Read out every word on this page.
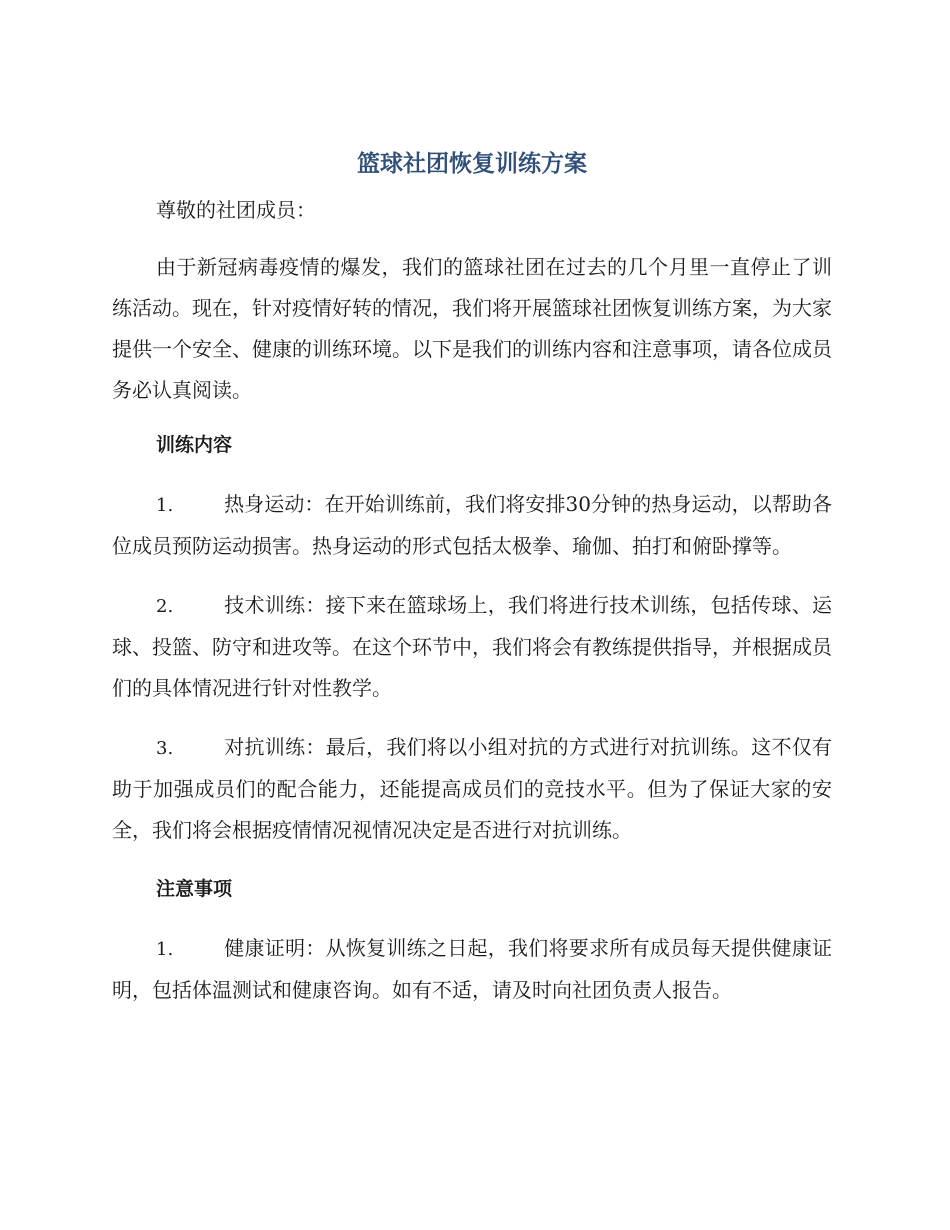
篮球社团恢复训练方案

尊敬的社团成员：

由于新冠病毒疫情的爆发，我们的篮球社团在过去的几个月里一直停止了训练活动。现在，针对疫情好转的情况，我们将开展篮球社团恢复训练方案，为大家提供一个安全、健康的训练环境。以下是我们的训练内容和注意事项，请各位成员务必认真阅读。

训练内容

1.	热身运动：在开始训练前，我们将安排30分钟的热身运动，以帮助各位成员预防运动损害。热身运动的形式包括太极拳、瑜伽、拍打和俯卧撑等。

2.	技术训练：接下来在篮球场上，我们将进行技术训练，包括传球、运球、投篮、防守和进攻等。在这个环节中，我们将会有教练提供指导，并根据成员们的具体情况进行针对性教学。

3.	对抗训练：最后，我们将以小组对抗的方式进行对抗训练。这不仅有助于加强成员们的配合能力，还能提高成员们的竞技水平。但为了保证大家的安全，我们将会根据疫情情况视情况决定是否进行对抗训练。

注意事项

1.	健康证明：从恢复训练之日起，我们将要求所有成员每天提供健康证明，包括体温测试和健康咨询。如有不适，请及时向社团负责人报告。
